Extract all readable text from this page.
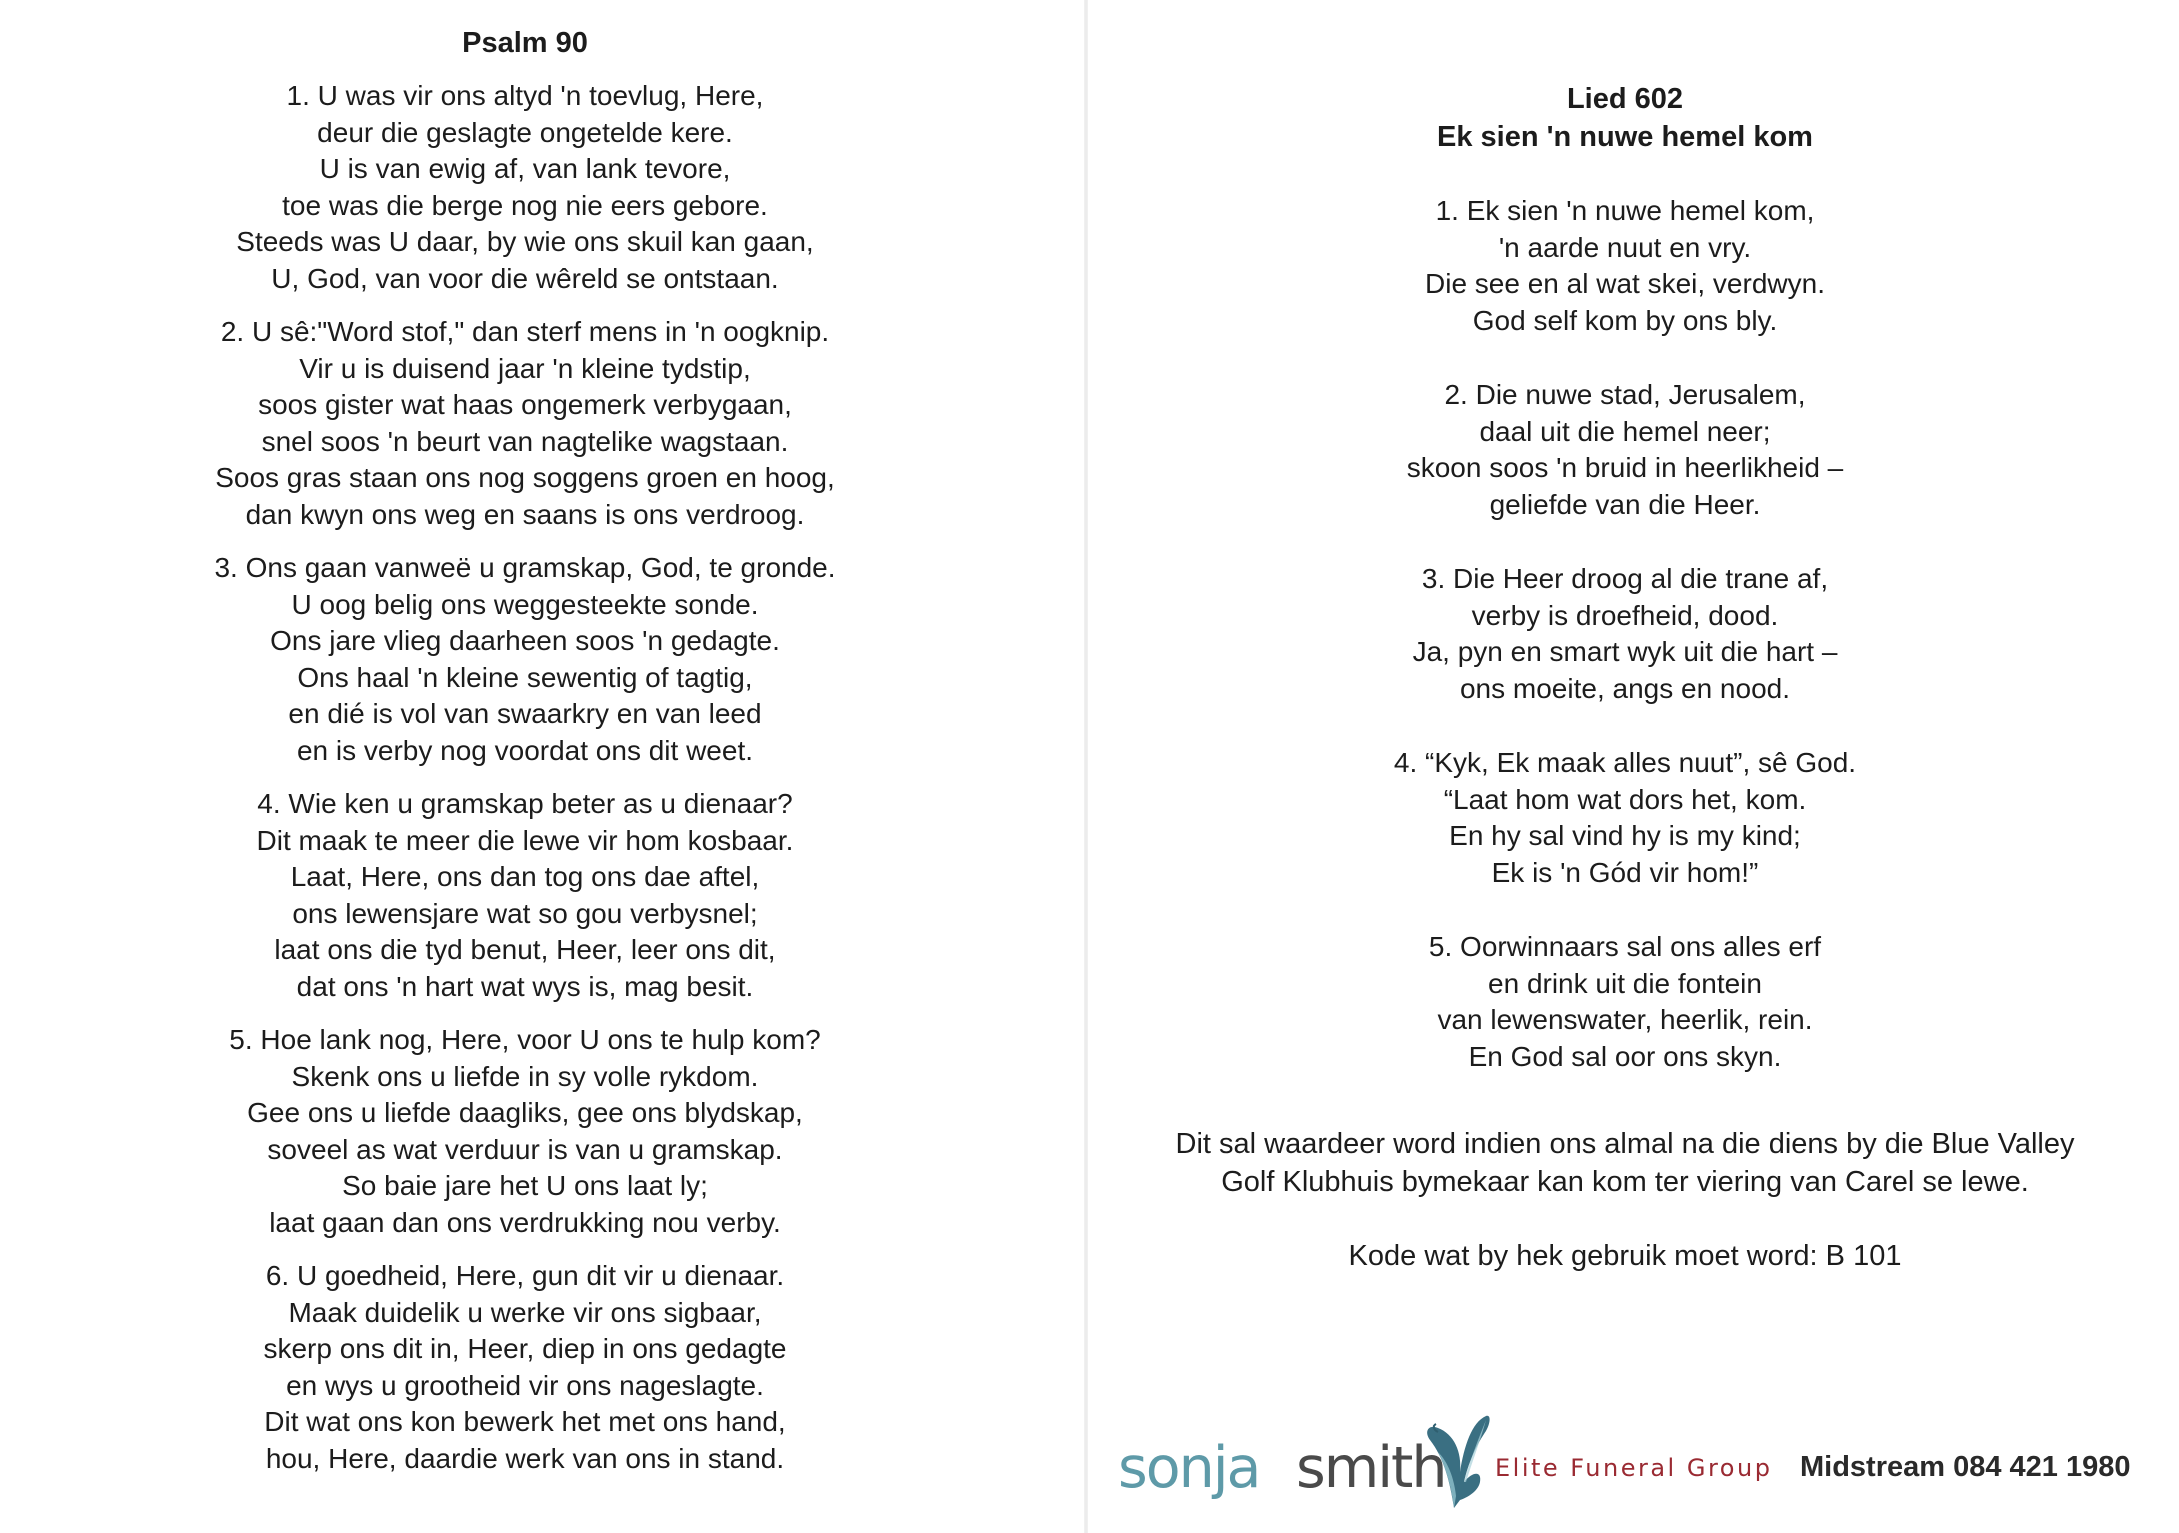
Psalm 90

1. U was vir ons altyd 'n toevlug, Here,
deur die geslagte ongetelde kere.
U is van ewig af, van lank tevore,
toe was die berge nog nie eers gebore.
Steeds was U daar, by wie ons skuil kan gaan,
U, God, van voor die wêreld se ontstaan.

2. U sê:"Word stof," dan sterf mens in 'n oogknip.
Vir u is duisend jaar 'n kleine tydstip,
soos gister wat haas ongemerk verbygaan,
snel soos 'n beurt van nagtelike wagstaan.
Soos gras staan ons nog soggens groen en hoog,
dan kwyn ons weg en saans is ons verdroog.

3. Ons gaan vanweë u gramskap, God, te gronde.
U oog belig ons weggesteekte sonde.
Ons jare vlieg daarheen soos 'n gedagte.
Ons haal 'n kleine sewentig of tagtig,
en dié is vol van swaarkry en van leed
en is verby nog voordat ons dit weet.

4. Wie ken u gramskap beter as u dienaar?
Dit maak te meer die lewe vir hom kosbaar.
Laat, Here, ons dan tog ons dae aftel,
ons lewensjare wat so gou verbysnel;
laat ons die tyd benut, Heer, leer ons dit,
dat ons 'n hart wat wys is, mag besit.

5. Hoe lank nog, Here, voor U ons te hulp kom?
Skenk ons u liefde in sy volle rykdom.
Gee ons u liefde daagliks, gee ons blydskap,
soveel as wat verduur is van u gramskap.
So baie jare het U ons laat ly;
laat gaan dan ons verdrukking nou verby.

6. U goedheid, Here, gun dit vir u dienaar.
Maak duidelik u werke vir ons sigbaar,
skerp ons dit in, Heer, diep in ons gedagte
en wys u grootheid vir ons nageslagte.
Dit wat ons kon bewerk het met ons hand,
hou, Here, daardie werk van ons in stand.

Lied 602
Ek sien 'n nuwe hemel kom

1. Ek sien 'n nuwe hemel kom,
'n aarde nuut en vry.
Die see en al wat skei, verdwyn.
God self kom by ons bly.

2. Die nuwe stad, Jerusalem,
daal uit die hemel neer;
skoon soos 'n bruid in heerlikheid –
geliefde van die Heer.

3. Die Heer droog al die trane af,
verby is droefheid, dood.
Ja, pyn en smart wyk uit die hart –
ons moeite, angs en nood.

4. “Kyk, Ek maak alles nuut”, sê God.
“Laat hom wat dors het, kom.
En hy sal vind hy is my kind;
Ek is 'n Gód vir hom!”

5. Oorwinnaars sal ons alles erf
en drink uit die fontein
van lewenswater, heerlik, rein.
En God sal oor ons skyn.

Dit sal waardeer word indien ons almal na die diens by die Blue Valley
Golf Klubhuis bymekaar kan kom ter viering van Carel se lewe.
Kode wat by hek gebruik moet word: B 101
sonja smith Elite Funeral Group Midstream 084 421 1980
